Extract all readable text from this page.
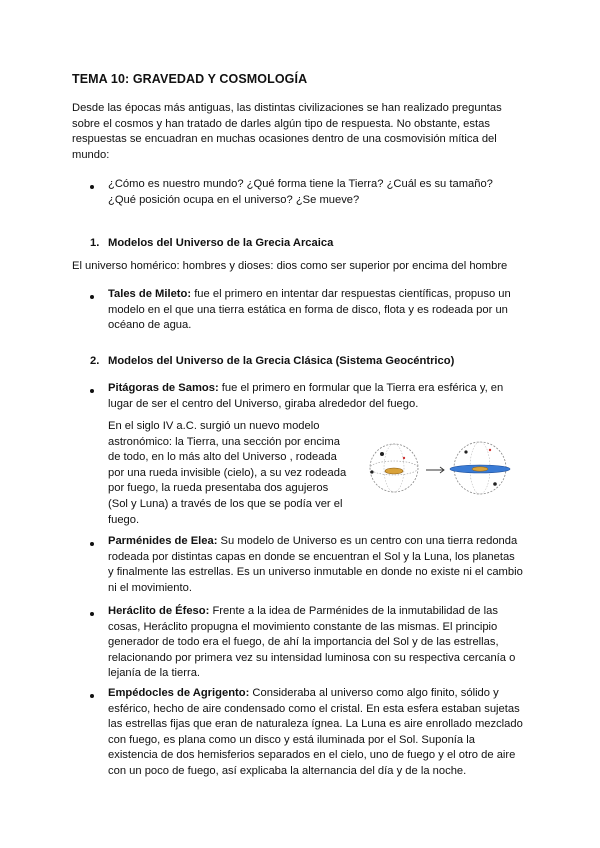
TEMA 10: GRAVEDAD Y COSMOLOGÍA

Desde las épocas más antiguas, las distintas civilizaciones se han realizado preguntas sobre el cosmos y han tratado de darles algún tipo de respuesta. No obstante, estas respuestas se encuadran en muchas ocasiones dentro de una cosmovisión mítica del mundo:

¿Cómo es nuestro mundo? ¿Qué forma tiene la Tierra? ¿Cuál es su tamaño? ¿Qué posición ocupa en el universo? ¿Se mueve?
1. Modelos del Universo de la Grecia Arcaica

El universo homérico: hombres y dioses: dios como ser superior por encima del hombre

Tales de Mileto: fue el primero en intentar dar respuestas científicas, propuso un modelo en el que una tierra estática en forma de disco, flota y es rodeada por un océano de agua.
2. Modelos del Universo de la Grecia Clásica (Sistema Geocéntrico)
Pitágoras de Samos: fue el primero en formular que la Tierra era esférica y, en lugar de ser el centro del Universo, giraba alrededor del fuego.
En el siglo IV a.C. surgió un nuevo modelo astronómico: la Tierra, una sección por encima de todo, en lo más alto del Universo , rodeada por una rueda invisible (cielo), a su vez rodeada por fuego, la rueda presentaba dos agujeros (Sol y Luna) a través de los que se podía ver el fuego.
Parménides de Elea: Su modelo de Universo es un centro con una tierra redonda rodeada por distintas capas en donde se encuentran el Sol y la Luna, los planetas y finalmente las estrellas. Es un universo inmutable en donde no existe ni el cambio ni el movimiento.
Heráclito de Éfeso: Frente a la idea de Parménides de la inmutabilidad de las cosas, Heráclito propugna el movimiento constante de las mismas. El principio generador de todo era el fuego, de ahí la importancia del Sol y de las estrellas, relacionando por primera vez su intensidad luminosa con su respectiva cercanía o lejanía de la tierra.
Empédocles de Agrigento: Consideraba al universo como algo finito, sólido y esférico, hecho de aire condensado como el cristal. En esta esfera estaban sujetas las estrellas fijas que eran de naturaleza ígnea. La Luna es aire enrollado mezclado con fuego, es plana como un disco y está iluminada por el Sol. Suponía la existencia de dos hemisferios separados en el cielo, uno de fuego y el otro de aire con un poco de fuego, así explicaba la alternancia del día y de la noche.
